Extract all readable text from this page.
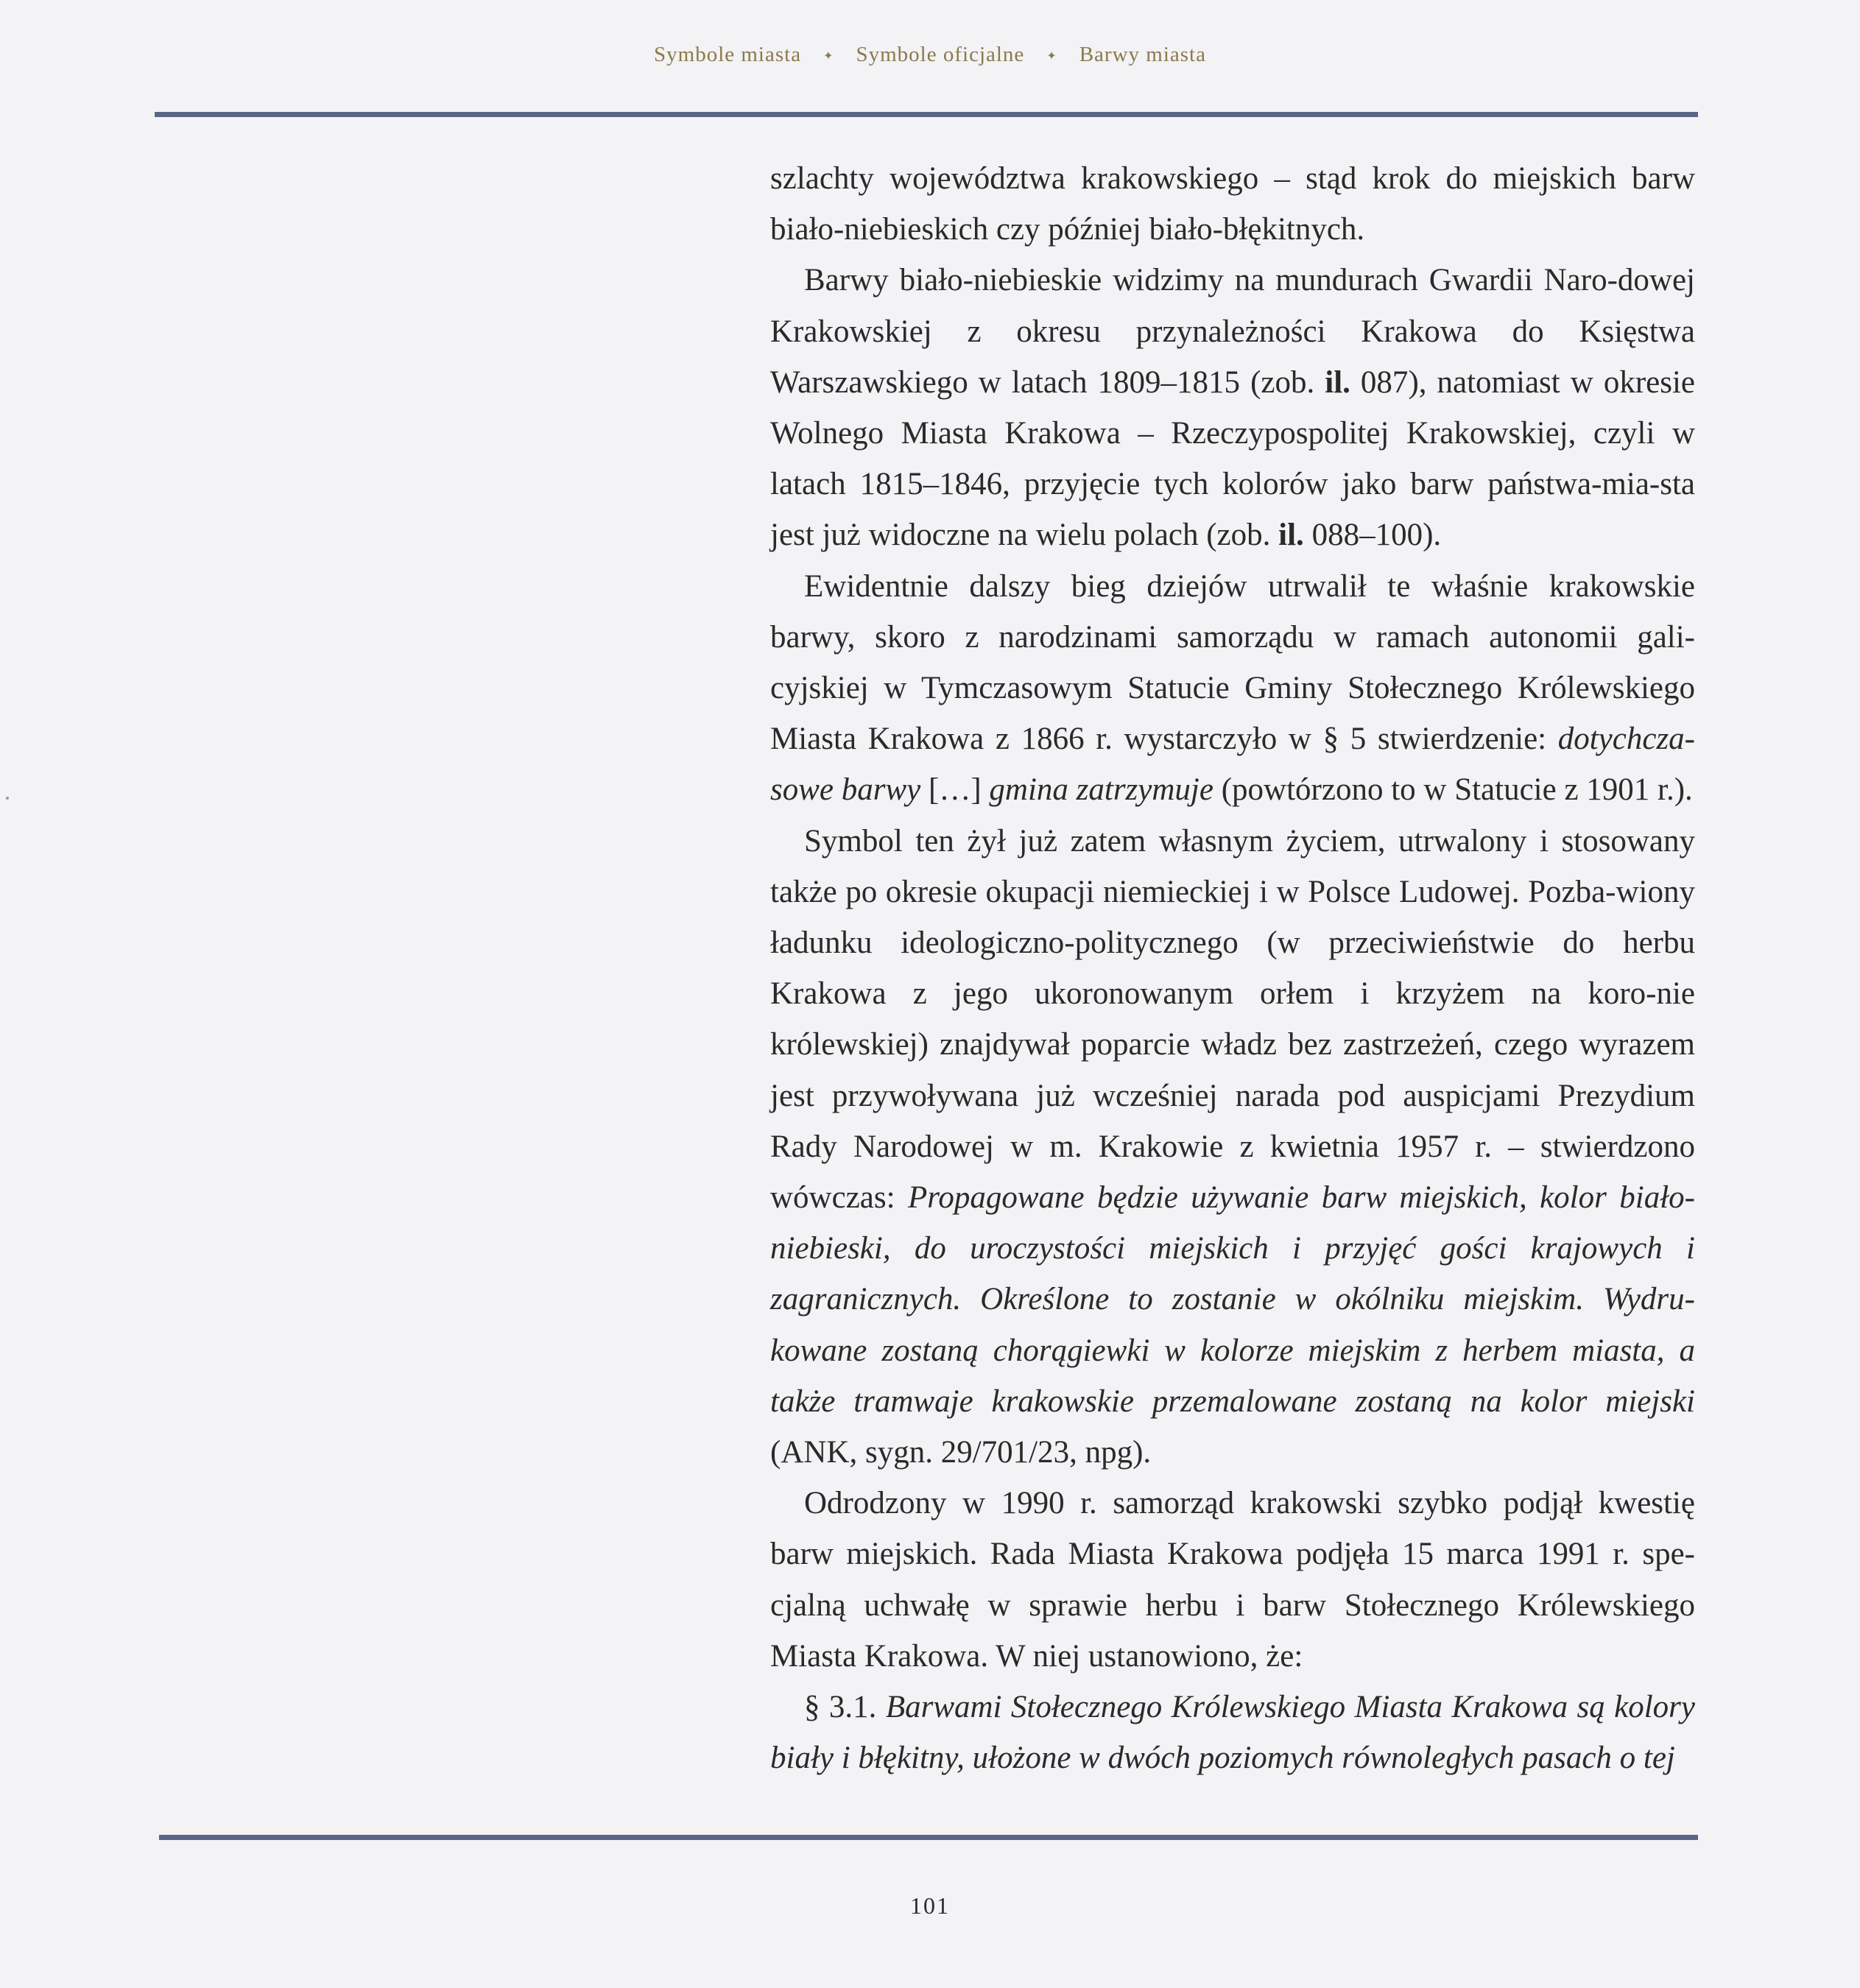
Symbole miasta ✦ Symbole oficjalne ✦ Barwy miasta

szlachty województwa krakowskiego – stąd krok do miejskich barw biało-niebieskich czy później biało-błękitnych.

Barwy biało-niebieskie widzimy na mundurach Gwardii Naro-dowej Krakowskiej z okresu przynależności Krakowa do Księstwa Warszawskiego w latach 1809–1815 (zob. il. 087), natomiast w okresie Wolnego Miasta Krakowa – Rzeczypospolitej Krakowskiej, czyli w latach 1815–1846, przyjęcie tych kolorów jako barw państwa-mia-sta jest już widoczne na wielu polach (zob. il. 088–100).

Ewidentnie dalszy bieg dziejów utrwalił te właśnie krakowskie barwy, skoro z narodzinami samorządu w ramach autonomii gali-cyjskiej w Tymczasowym Statucie Gminy Stołecznego Królewskiego Miasta Krakowa z 1866 r. wystarczyło w § 5 stwierdzenie: dotychcza-sowe barwy […] gmina zatrzymuje (powtórzono to w Statucie z 1901 r.).

Symbol ten żył już zatem własnym życiem, utrwalony i stosowany także po okresie okupacji niemieckiej i w Polsce Ludowej. Pozba-wiony ładunku ideologiczno-politycznego (w przeciwieństwie do herbu Krakowa z jego ukoronowanym orłem i krzyżem na koro-nie królewskiej) znajdywał poparcie władz bez zastrzeżeń, czego wyrazem jest przywoływana już wcześniej narada pod auspicjami Prezydium Rady Narodowej w m. Krakowie z kwietnia 1957 r. – stwierdzono wówczas: Propagowane będzie używanie barw miejskich, kolor biało-niebieski, do uroczystości miejskich i przyjęć gości krajowych i zagranicznych. Określone to zostanie w okólniku miejskim. Wydru-kowane zostaną chorągiewki w kolorze miejskim z herbem miasta, a także tramwaje krakowskie przemalowane zostaną na kolor miejski (ANK, sygn. 29/701/23, npg).

Odrodzony w 1990 r. samorząd krakowski szybko podjął kwestię barw miejskich. Rada Miasta Krakowa podjęła 15 marca 1991 r. spe-cjalną uchwałę w sprawie herbu i barw Stołecznego Królewskiego Miasta Krakowa. W niej ustanowiono, że:

§ 3.1. Barwami Stołecznego Królewskiego Miasta Krakowa są kolory biały i błękitny, ułożone w dwóch poziomych równoległych pasach o tej

101
